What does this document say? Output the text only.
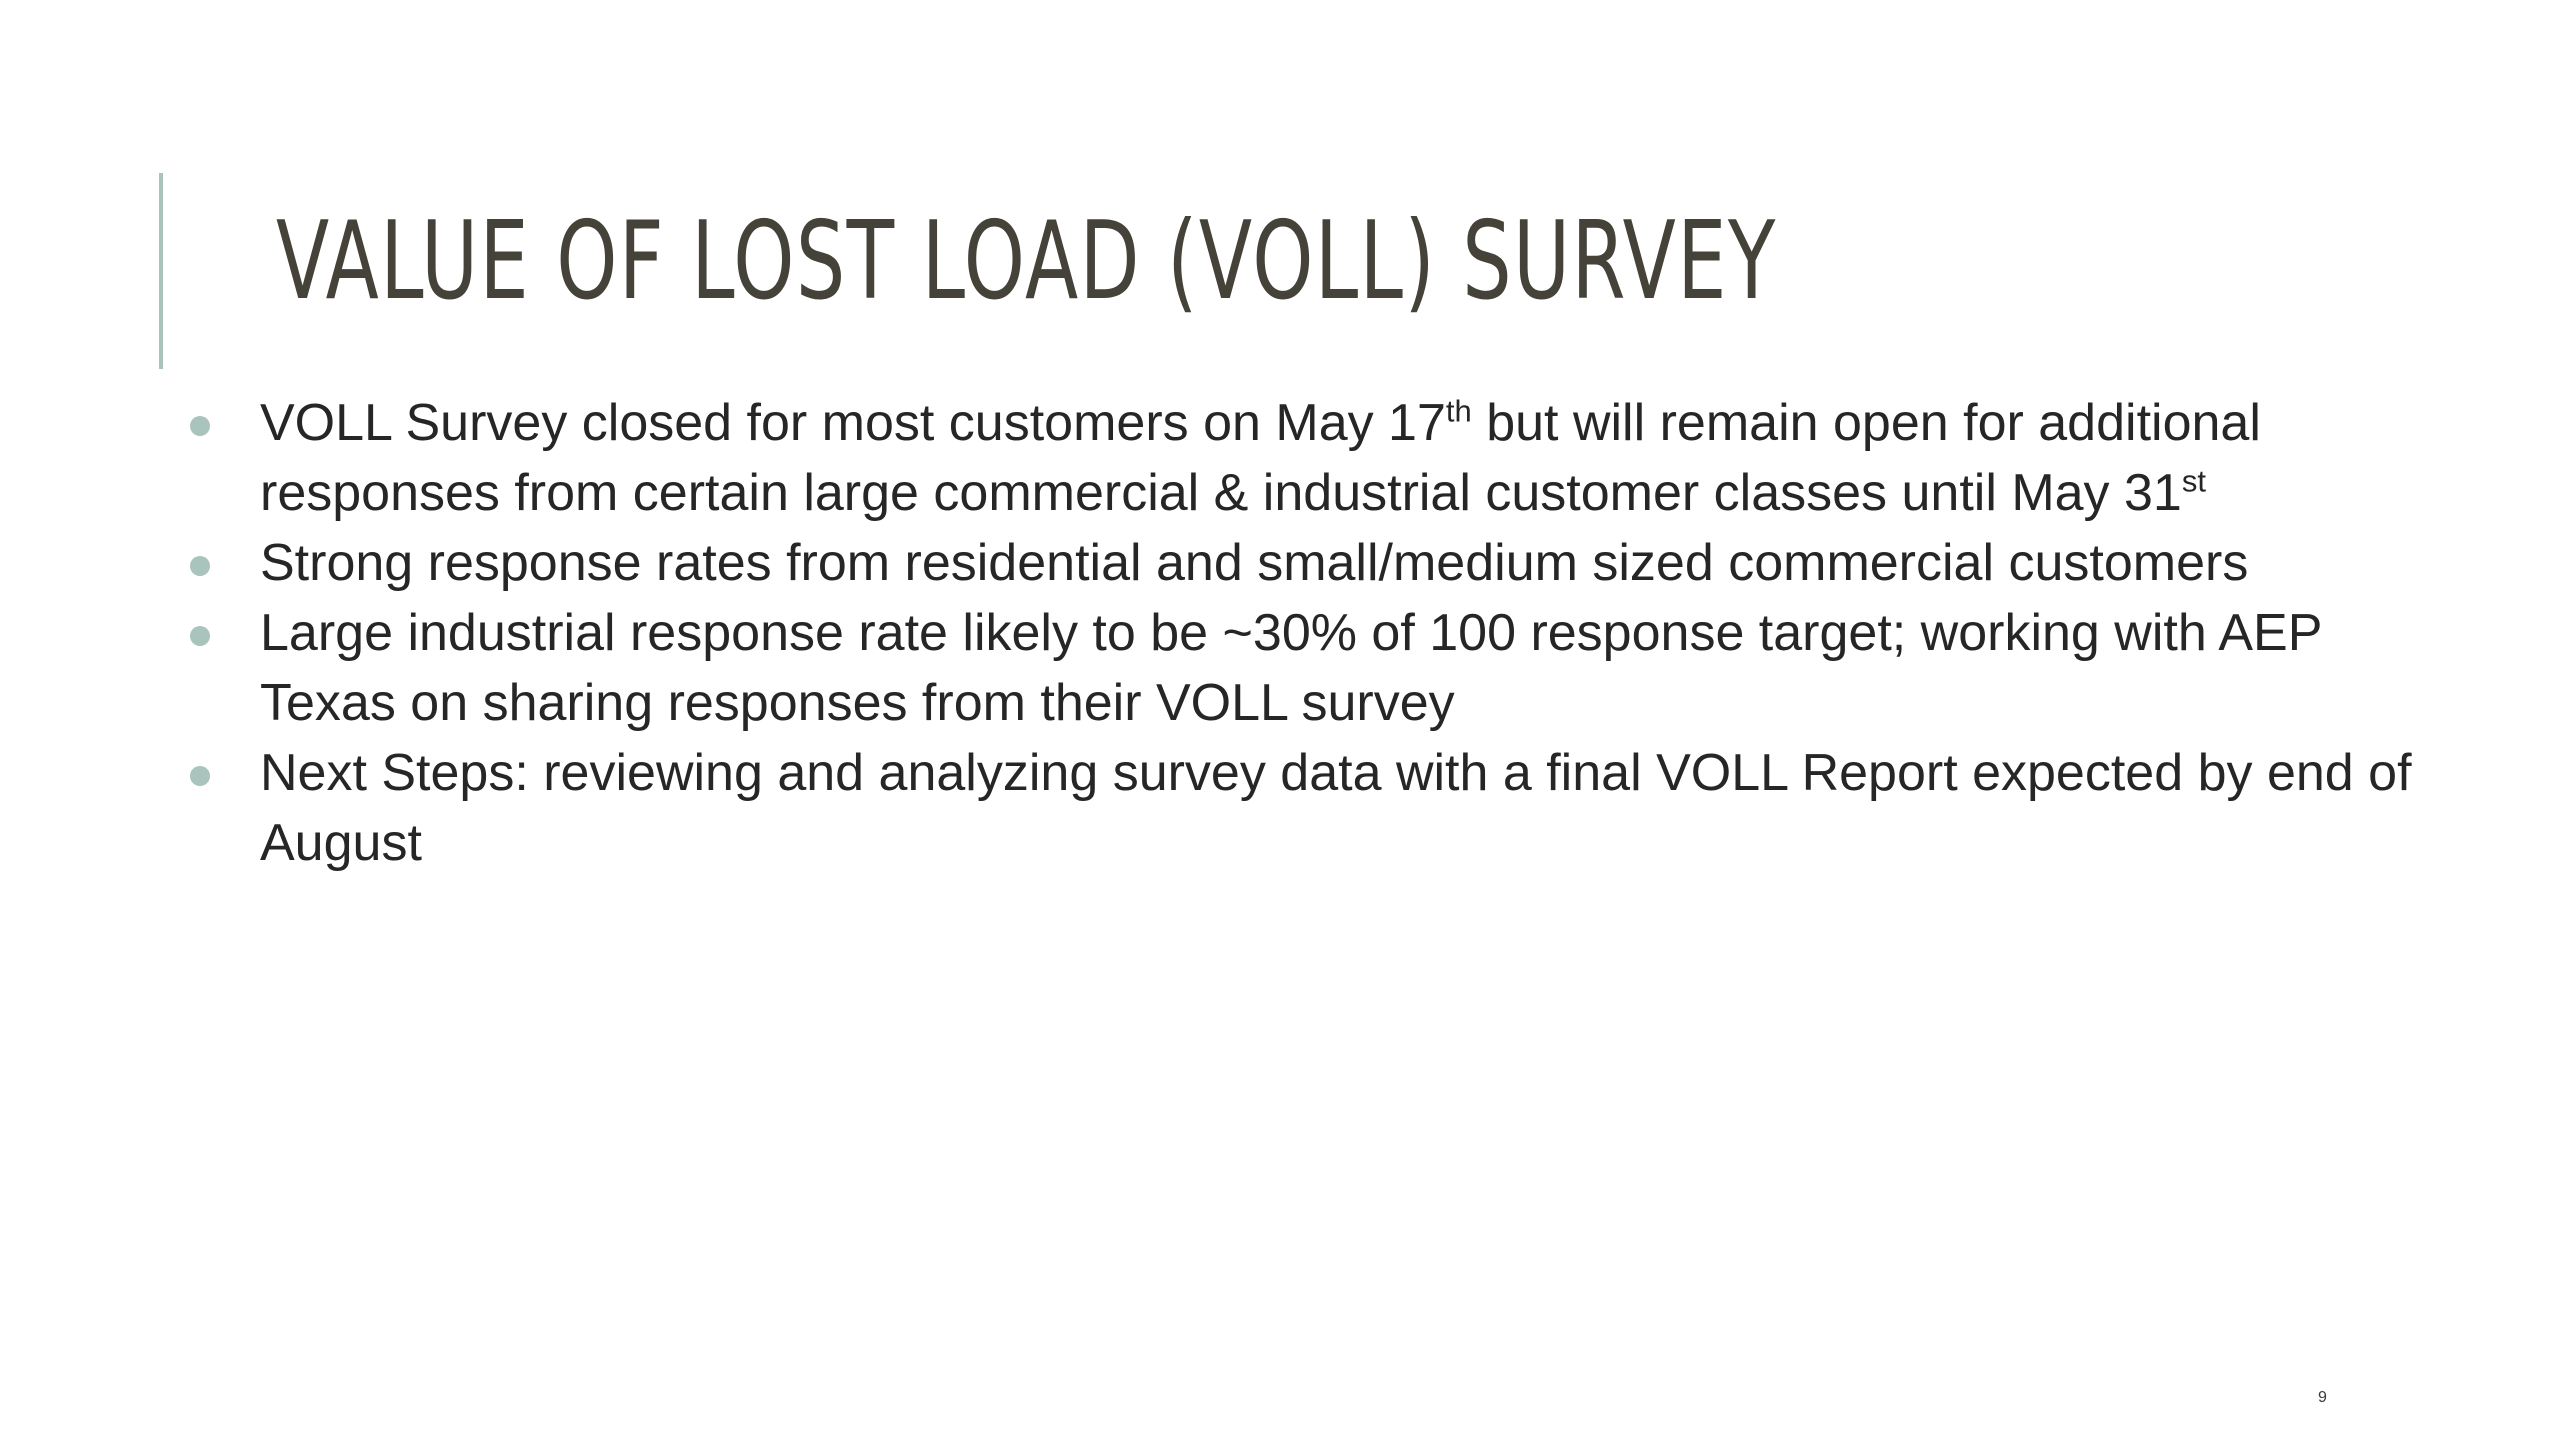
VALUE OF LOST LOAD (VOLL) SURVEY
VOLL Survey closed for most customers on May 17th but will remain open for additional responses from certain large commercial & industrial customer classes until May 31st
Strong response rates from residential and small/medium sized commercial customers
Large industrial response rate likely to be ~30% of 100 response target; working with AEP Texas on sharing responses from their VOLL survey
Next Steps: reviewing and analyzing survey data with a final VOLL Report expected by end of August
9
